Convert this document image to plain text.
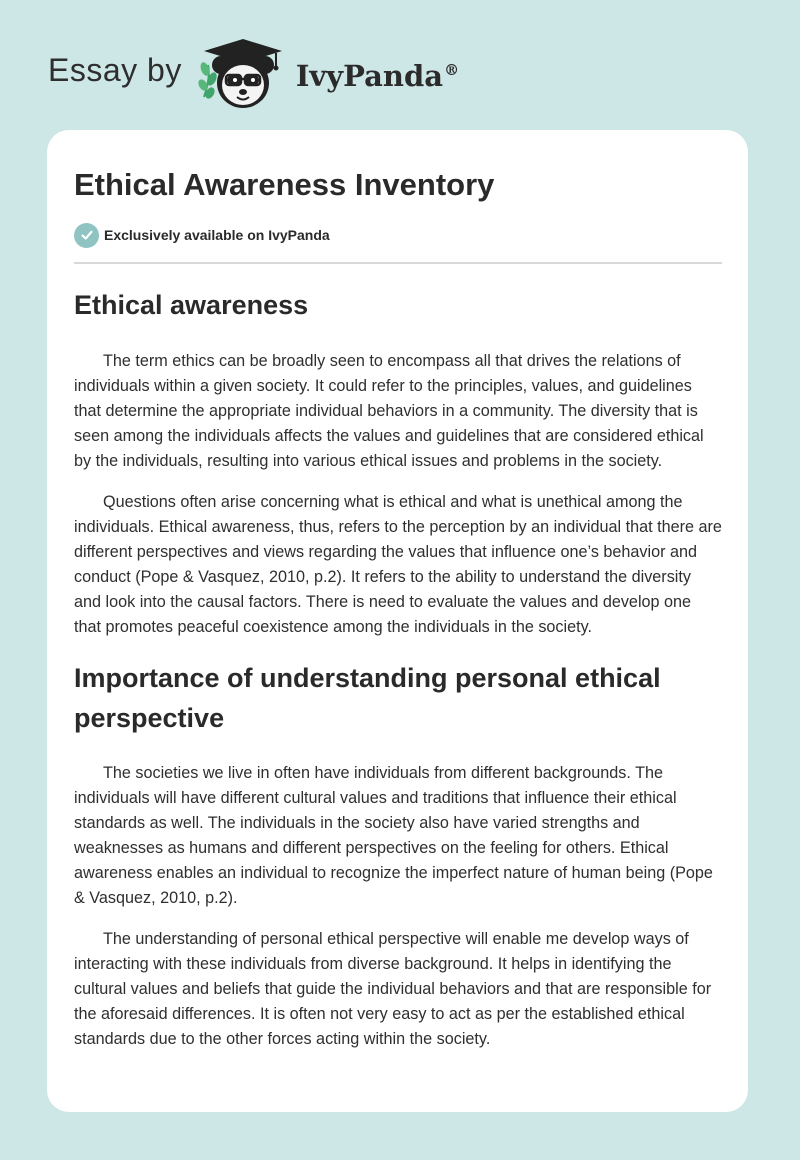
Essay by	IvyPanda®
Ethical Awareness Inventory
Exclusively available on IvyPanda
Ethical awareness

The term ethics can be broadly seen to encompass all that drives the relations of individuals within a given society. It could refer to the principles, values, and guidelines that determine the appropriate individual behaviors in a community. The diversity that is seen among the individuals affects the values and guidelines that are considered ethical by the individuals, resulting into various ethical issues and problems in the society.

Questions often arise concerning what is ethical and what is unethical among the individuals. Ethical awareness, thus, refers to the perception by an individual that there are different perspectives and views regarding the values that influence one’s behavior and conduct (Pope & Vasquez, 2010, p.2). It refers to the ability to understand the diversity and look into the causal factors. There is need to evaluate the values and develop one that promotes peaceful coexistence among the individuals in the society.

Importance of understanding personal ethical perspective

The societies we live in often have individuals from different backgrounds. The individuals will have different cultural values and traditions that influence their ethical standards as well. The individuals in the society also have varied strengths and weaknesses as humans and different perspectives on the feeling for others. Ethical awareness enables an individual to recognize the imperfect nature of human being (Pope & Vasquez, 2010, p.2).

The understanding of personal ethical perspective will enable me develop ways of interacting with these individuals from diverse background. It helps in identifying the cultural values and beliefs that guide the individual behaviors and that are responsible for the aforesaid differences. It is often not very easy to act as per the established ethical standards due to the other forces acting within the society.
